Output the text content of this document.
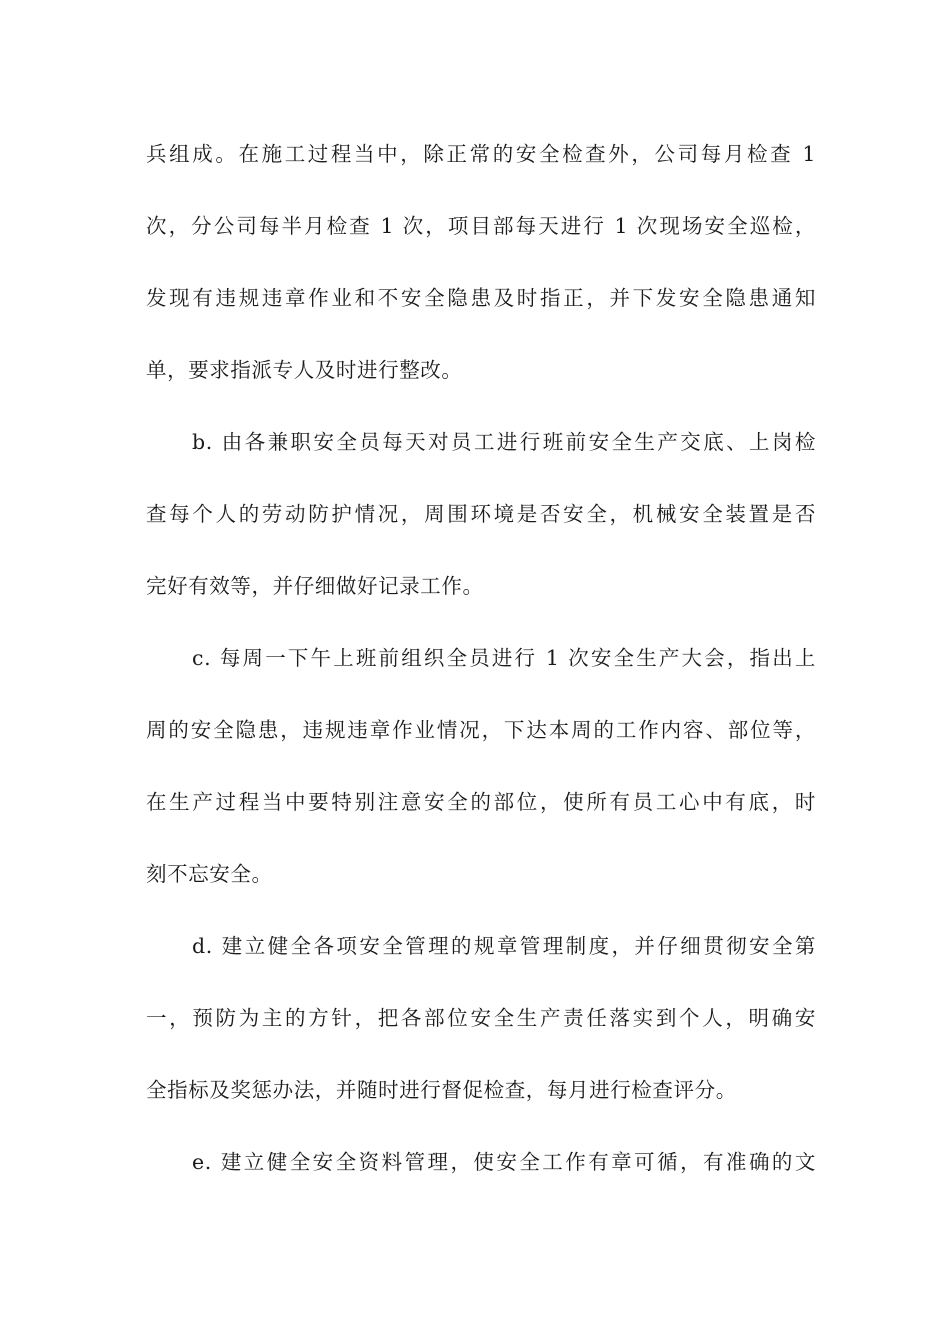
兵组成。在施工过程当中，除正常的安全检查外，公司每月检查 1
次，分公司每半月检查 1 次，项目部每天进行 1 次现场安全巡检，
发现有违规违章作业和不安全隐患及时指正，并下发安全隐患通知
单，要求指派专人及时进行整改。
b. 由各兼职安全员每天对员工进行班前安全生产交底、上岗检
查每个人的劳动防护情况，周围环境是否安全，机械安全装置是否
完好有效等，并仔细做好记录工作。
c. 每周一下午上班前组织全员进行 1 次安全生产大会，指出上
周的安全隐患，违规违章作业情况，下达本周的工作内容、部位等，
在生产过程当中要特别注意安全的部位，使所有员工心中有底，时
刻不忘安全。
d. 建立健全各项安全管理的规章管理制度，并仔细贯彻安全第
一，预防为主的方针，把各部位安全生产责任落实到个人，明确安
全指标及奖惩办法，并随时进行督促检查，每月进行检查评分。
e. 建立健全安全资料管理，使安全工作有章可循，有准确的文
